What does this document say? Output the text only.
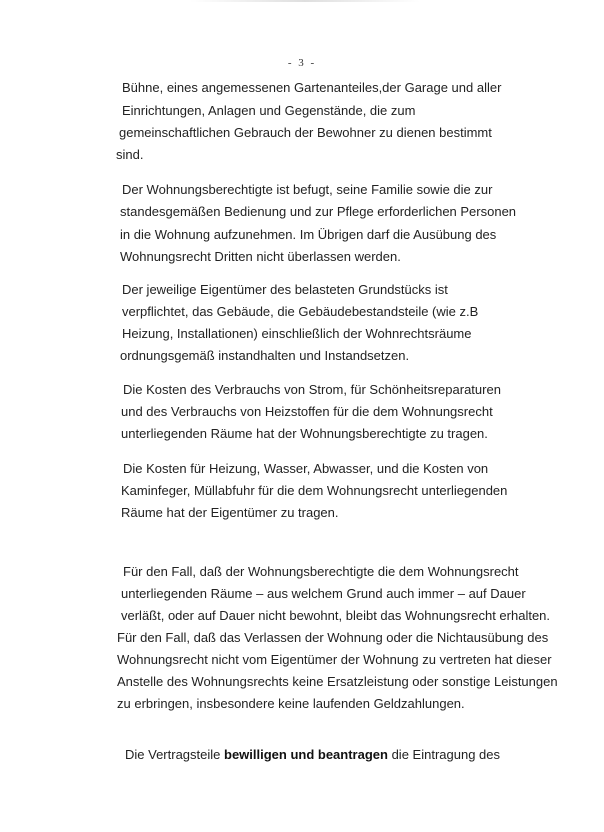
- 3 -
Bühne, eines angemessenen Gartenanteiles,der Garage und aller
Einrichtungen, Anlagen und Gegenstände, die zum
gemeinschaftlichen Gebrauch der Bewohner zu dienen bestimmt
sind.
Der Wohnungsberechtigte ist befugt, seine Familie sowie die zur
standesgemäßen Bedienung und zur Pflege erforderlichen Personen
in die Wohnung aufzunehmen. Im Übrigen darf die Ausübung des
Wohnungsrecht Dritten nicht überlassen werden.
Der jeweilige Eigentümer des belasteten Grundstücks ist
verpflichtet, das Gebäude, die Gebäudebestandsteile (wie z.B
Heizung, Installationen) einschließlich der Wohnrechtsräume
ordnungsgemäß instandhalten und Instandsetzen.
Die Kosten des Verbrauchs von Strom, für Schönheitsreparaturen
und des Verbrauchs von Heizstoffen für die dem Wohnungsrecht
unterliegenden Räume hat der Wohnungsberechtigte zu tragen.
Die Kosten für Heizung, Wasser, Abwasser, und die Kosten von
Kaminfeger, Müllabfuhr für die dem Wohnungsrecht unterliegenden
Räume hat der Eigentümer zu tragen.
Für den Fall, daß der Wohnungsberechtigte die dem Wohnungsrecht
unterliegenden Räume – aus welchem Grund auch immer – auf Dauer
verläßt, oder auf Dauer nicht bewohnt, bleibt das Wohnungsrecht erhalten.
Für den Fall, daß das Verlassen der Wohnung oder die Nichtausübung des
Wohnungsrecht nicht vom Eigentümer der Wohnung zu vertreten hat dieser
Anstelle des Wohnungsrechts keine Ersatzleistung oder sonstige Leistungen
zu erbringen, insbesondere keine laufenden Geldzahlungen.
Die Vertragsteile bewilligen und beantragen die Eintragung des
